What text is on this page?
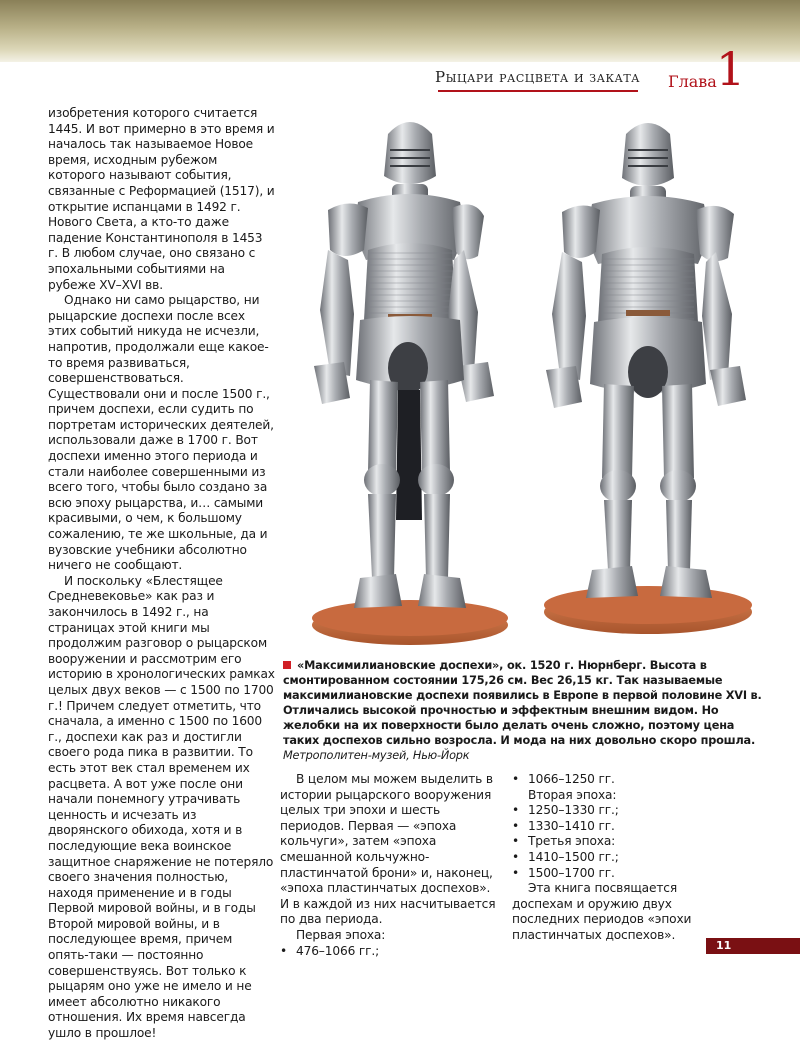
Рыцари расцвета и заката Глава 1

изобретения которого считается 1445. И вот примерно в это время и началось так называемое Новое время, исходным рубежом которого называют события, связанные с Реформацией (1517), и открытие испанцами в 1492 г. Нового Света, а кто-то даже падение Константинополя в 1453 г. В любом случае, оно связано с эпохальными событиями на рубеже XV–XVI вв.

Однако ни само рыцарство, ни рыцарские доспехи после всех этих событий никуда не исчезли, напротив, продолжали еще какое-то время развиваться, совершенствоваться. Существовали они и после 1500 г., причем доспехи, если судить по портретам исторических деятелей, использовали даже в 1700 г. Вот доспехи именно этого периода и стали наиболее совершенными из всего того, чтобы было создано за всю эпоху рыцарства, и… самыми красивыми, о чем, к большому сожалению, те же школьные, да и вузовские учебники абсолютно ничего не сообщают.

И поскольку «Блестящее Средневековье» как раз и закончилось в 1492 г., на страницах этой книги мы продолжим разговор о рыцарском вооружении и рассмотрим его историю в хронологических рамках целых двух веков — с 1500 по 1700 г.! Причем следует отметить, что сначала, а именно с 1500 по 1600 г., доспехи как раз и достигли своего рода пика в развитии. То есть этот век стал временем их расцвета. А вот уже после они начали понемногу утрачивать ценность и исчезать из дворянского обихода, хотя и в последующие века воинское защитное снаряжение не потеряло своего значения полностью, находя применение и в годы Первой мировой войны, и в годы Второй мировой войны, и в последующее время, причем опять-таки — постоянно совершенствуясь. Вот только к рыцарям оно уже не имело и не имеет абсолютно никакого отношения. Их время навсегда ушло в прошлое!

«Максимилиановские доспехи», ок. 1520 г. Нюрнберг. Высота в смонтированном состоянии 175,26 см. Вес 26,15 кг. Так называемые максимилиановские доспехи появились в Европе в первой половине XVI в. Отличались высокой прочностью и эффектным внешним видом. Но желобки на их поверхности было делать очень сложно, поэтому цена таких доспехов сильно возросла. И мода на них довольно скоро прошла. Метрополитен-музей, Нью-Йорк

В целом мы можем выделить в истории рыцарского вооружения целых три эпохи и шесть периодов. Первая — «эпоха кольчуги», затем «эпоха смешанной кольчужно-пластинчатой брони» и, наконец, «эпоха пластинчатых доспехов». И в каждой из них насчитывается по два периода.

Первая эпоха:
• 476–1066 гг.;
• 1066–1250 гг.
Вторая эпоха:
• 1250–1330 гг.;
• 1330–1410 гг.
• Третья эпоха:
• 1410–1500 гг.;
• 1500–1700 гг.

Эта книга посвящается доспехам и оружию двух последних периодов «эпохи пластинчатых доспехов».

11
